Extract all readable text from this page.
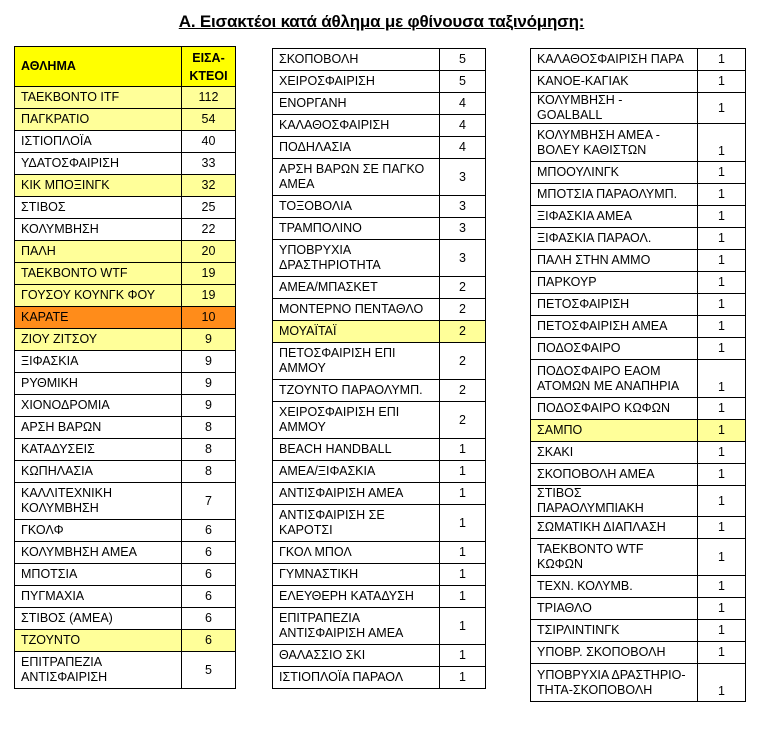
Α. Εισακτέοι κατά άθλημα με φθίνουσα ταξινόμηση:
ΑΘΛΗΜΑ	ΕΙΣΑ-
ΚΤΕΟΙ
ΤΑΕΚΒΟΝΤΟ ITF	112
ΠΑΓΚΡΑΤΙΟ	54
ΙΣΤΙΟΠΛΟΪΑ	40
ΥΔΑΤΟΣΦΑΙΡΙΣΗ	33
ΚΙΚ ΜΠΟΞΙΝΓΚ	32
ΣΤΙΒΟΣ	25
ΚΟΛΥΜΒΗΣΗ	22
ΠΑΛΗ	20
ΤΑΕΚΒΟΝΤΟ WTF	19
ΓΟΥΣΟΥ ΚΟΥΝΓΚ ΦΟΥ	19
ΚΑΡΑΤΕ	10
ΖΙΟΥ ΖΙΤΣΟΥ	9
ΞΙΦΑΣΚΙΑ	9
ΡΥΘΜΙΚΗ	9
ΧΙΟΝΟΔΡΟΜΙΑ	9
ΑΡΣΗ ΒΑΡΩΝ	8
ΚΑΤΑΔΥΣΕΙΣ	8
ΚΩΠΗΛΑΣΙΑ	8
ΚΑΛΛΙΤΕΧΝΙΚΗ ΚΟΛΥΜΒΗΣΗ	7
ΓΚΟΛΦ	6
ΚΟΛΥΜΒΗΣΗ ΑΜΕΑ	6
ΜΠΟΤΣΙΑ	6
ΠΥΓΜΑΧΙΑ	6
ΣΤΙΒΟΣ (ΑΜΕΑ)	6
ΤΖΟΥΝΤΟ	6
ΕΠΙΤΡΑΠΕΖΙΑ ΑΝΤΙΣΦΑΙΡΙΣΗ	5
ΣΚΟΠΟΒΟΛΗ	5
ΧΕΙΡΟΣΦΑΙΡΙΣΗ	5
ΕΝΟΡΓΑΝΗ	4
ΚΑΛΑΘΟΣΦΑΙΡΙΣΗ	4
ΠΟΔΗΛΑΣΙΑ	4
ΑΡΣΗ ΒΑΡΩΝ ΣΕ ΠΑΓΚΟ ΑΜΕΑ	3
ΤΟΞΟΒΟΛΙΑ	3
ΤΡΑΜΠΟΛΙΝΟ	3
ΥΠΟΒΡΥΧΙΑ ΔΡΑΣΤΗΡΙΟΤΗΤΑ	3
ΑΜΕΑ/ΜΠΑΣΚΕΤ	2
ΜΟΝΤΕΡΝΟ ΠΕΝΤΑΘΛΟ	2
ΜΟΥΑΪΤΑΪ	2
ΠΕΤΟΣΦΑΙΡΙΣΗ ΕΠΙ ΑΜΜΟΥ	2
ΤΖΟΥΝΤΟ ΠΑΡΑΟΛΥΜΠ.	2
ΧΕΙΡΟΣΦΑΙΡΙΣΗ ΕΠΙ ΑΜΜΟΥ	2
BEACH HANDBALL	1
ΑΜΕΑ/ΞΙΦΑΣΚΙΑ	1
ΑΝΤΙΣΦΑΙΡΙΣΗ ΑΜΕΑ	1
ΑΝΤΙΣΦΑΙΡΙΣΗ ΣΕ ΚΑΡΟΤΣΙ	1
ΓΚΟΛ ΜΠΟΛ	1
ΓΥΜΝΑΣΤΙΚΗ	1
ΕΛΕΥΘΕΡΗ ΚΑΤΑΔΥΣΗ	1
ΕΠΙΤΡΑΠΕΖΙΑ ΑΝΤΙΣΦΑΙΡΙΣΗ ΑΜΕΑ	1
ΘΑΛΑΣΣΙΟ ΣΚΙ	1
ΙΣΤΙΟΠΛΟΪΑ ΠΑΡΑΟΛ	1
ΚΑΛΑΘΟΣΦΑΙΡΙΣΗ ΠΑΡΑ	1
ΚΑΝΟΕ-ΚΑΓΙΑΚ	1
ΚΟΛΥΜΒΗΣΗ - GOALBALL	1
ΚΟΛΥΜΒΗΣΗ ΑΜΕΑ - ΒΟΛΕΥ ΚΑΘΙΣΤΩΝ	1
ΜΠΟΟΥΛΙΝΓΚ	1
ΜΠΟΤΣΙΑ ΠΑΡΑΟΛΥΜΠ.	1
ΞΙΦΑΣΚΙΑ ΑΜΕΑ	1
ΞΙΦΑΣΚΙΑ ΠΑΡΑΟΛ.	1
ΠΑΛΗ ΣΤΗΝ ΑΜΜΟ	1
ΠΑΡΚΟΥΡ	1
ΠΕΤΟΣΦΑΙΡΙΣΗ	1
ΠΕΤΟΣΦΑΙΡΙΣΗ ΑΜΕΑ	1
ΠΟΔΟΣΦΑΙΡΟ	1
ΠΟΔΟΣΦΑΙΡΟ ΕΑΟΜ ΑΤΟΜΩΝ ΜΕ ΑΝΑΠΗΡΙΑ	1
ΠΟΔΟΣΦΑΙΡΟ ΚΩΦΩΝ	1
ΣΑΜΠΟ	1
ΣΚΑΚΙ	1
ΣΚΟΠΟΒΟΛΗ ΑΜΕΑ	1
ΣΤΙΒΟΣ ΠΑΡΑΟΛΥΜΠΙΑΚΗ	1
ΣΩΜΑΤΙΚΗ ΔΙΑΠΛΑΣΗ	1
ΤΑΕΚΒΟΝΤΟ WTF ΚΩΦΩΝ	1
ΤΕΧΝ. ΚΟΛΥΜΒ.	1
ΤΡΙΑΘΛΟ	1
ΤΣΙΡΛΙΝΤΙΝΓΚ	1
ΥΠΟΒΡ. ΣΚΟΠΟΒΟΛΗ	1
ΥΠΟΒΡΥΧΙΑ ΔΡΑΣΤΗΡΙΟ-ΤΗΤΑ-ΣΚΟΠΟΒΟΛΗ	1
